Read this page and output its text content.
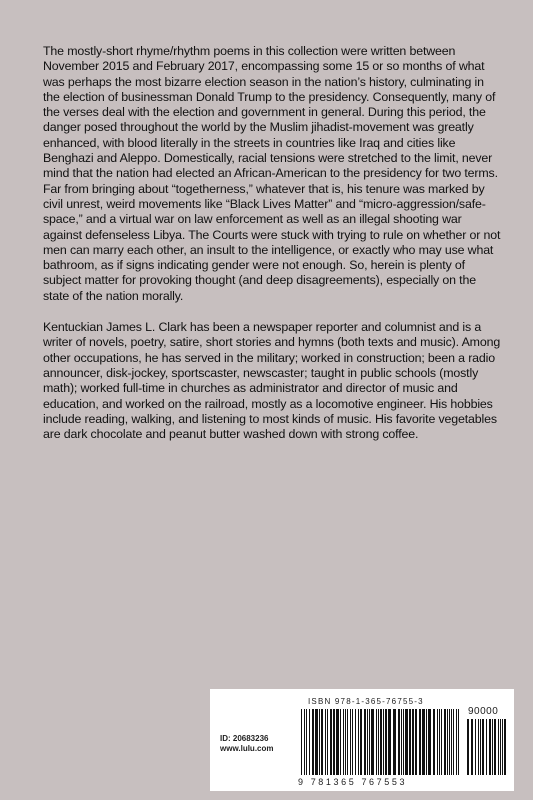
The mostly-short rhyme/rhythm poems in this collection were written between November 2015 and February 2017, encompassing some 15 or so months of what was perhaps the most bizarre election season in the nation’s history, culminating in the election of businessman Donald Trump to the presidency. Consequently, many of the verses deal with the election and government in general. During this period, the danger posed throughout the world by the Muslim jihadist-movement was greatly enhanced, with blood literally in the streets in countries like Iraq and cities like Benghazi and Aleppo. Domestically, racial tensions were stretched to the limit, never mind that the nation had elected an African-American to the presidency for two terms. Far from bringing about “togetherness,” whatever that is, his tenure was marked by civil unrest, weird movements like “Black Lives Matter” and “micro-aggression/safe-space,” and a virtual war on law enforcement as well as an illegal shooting war against defenseless Libya. The Courts were stuck with trying to rule on whether or not men can marry each other, an insult to the intelligence, or exactly who may use what bathroom, as if signs indicating gender were not enough. So, herein is plenty of subject matter for provoking thought (and deep disagreements), especially on the state of the nation morally.

Kentuckian James L. Clark has been a newspaper reporter and columnist and is a writer of novels, poetry, satire, short stories and hymns (both texts and music). Among other occupations, he has served in the military; worked in construction; been a radio announcer, disk-jockey, sportscaster, newscaster; taught in public schools (mostly math); worked full-time in churches as administrator and director of music and education, and worked on the railroad, mostly as a locomotive engineer. His hobbies include reading, walking, and listening to most kinds of music. His favorite vegetables are dark chocolate and peanut butter washed down with strong coffee.

ISBN 978-1-365-76755-3
90000
ID: 20683236
www.lulu.com
9 781365 767553
